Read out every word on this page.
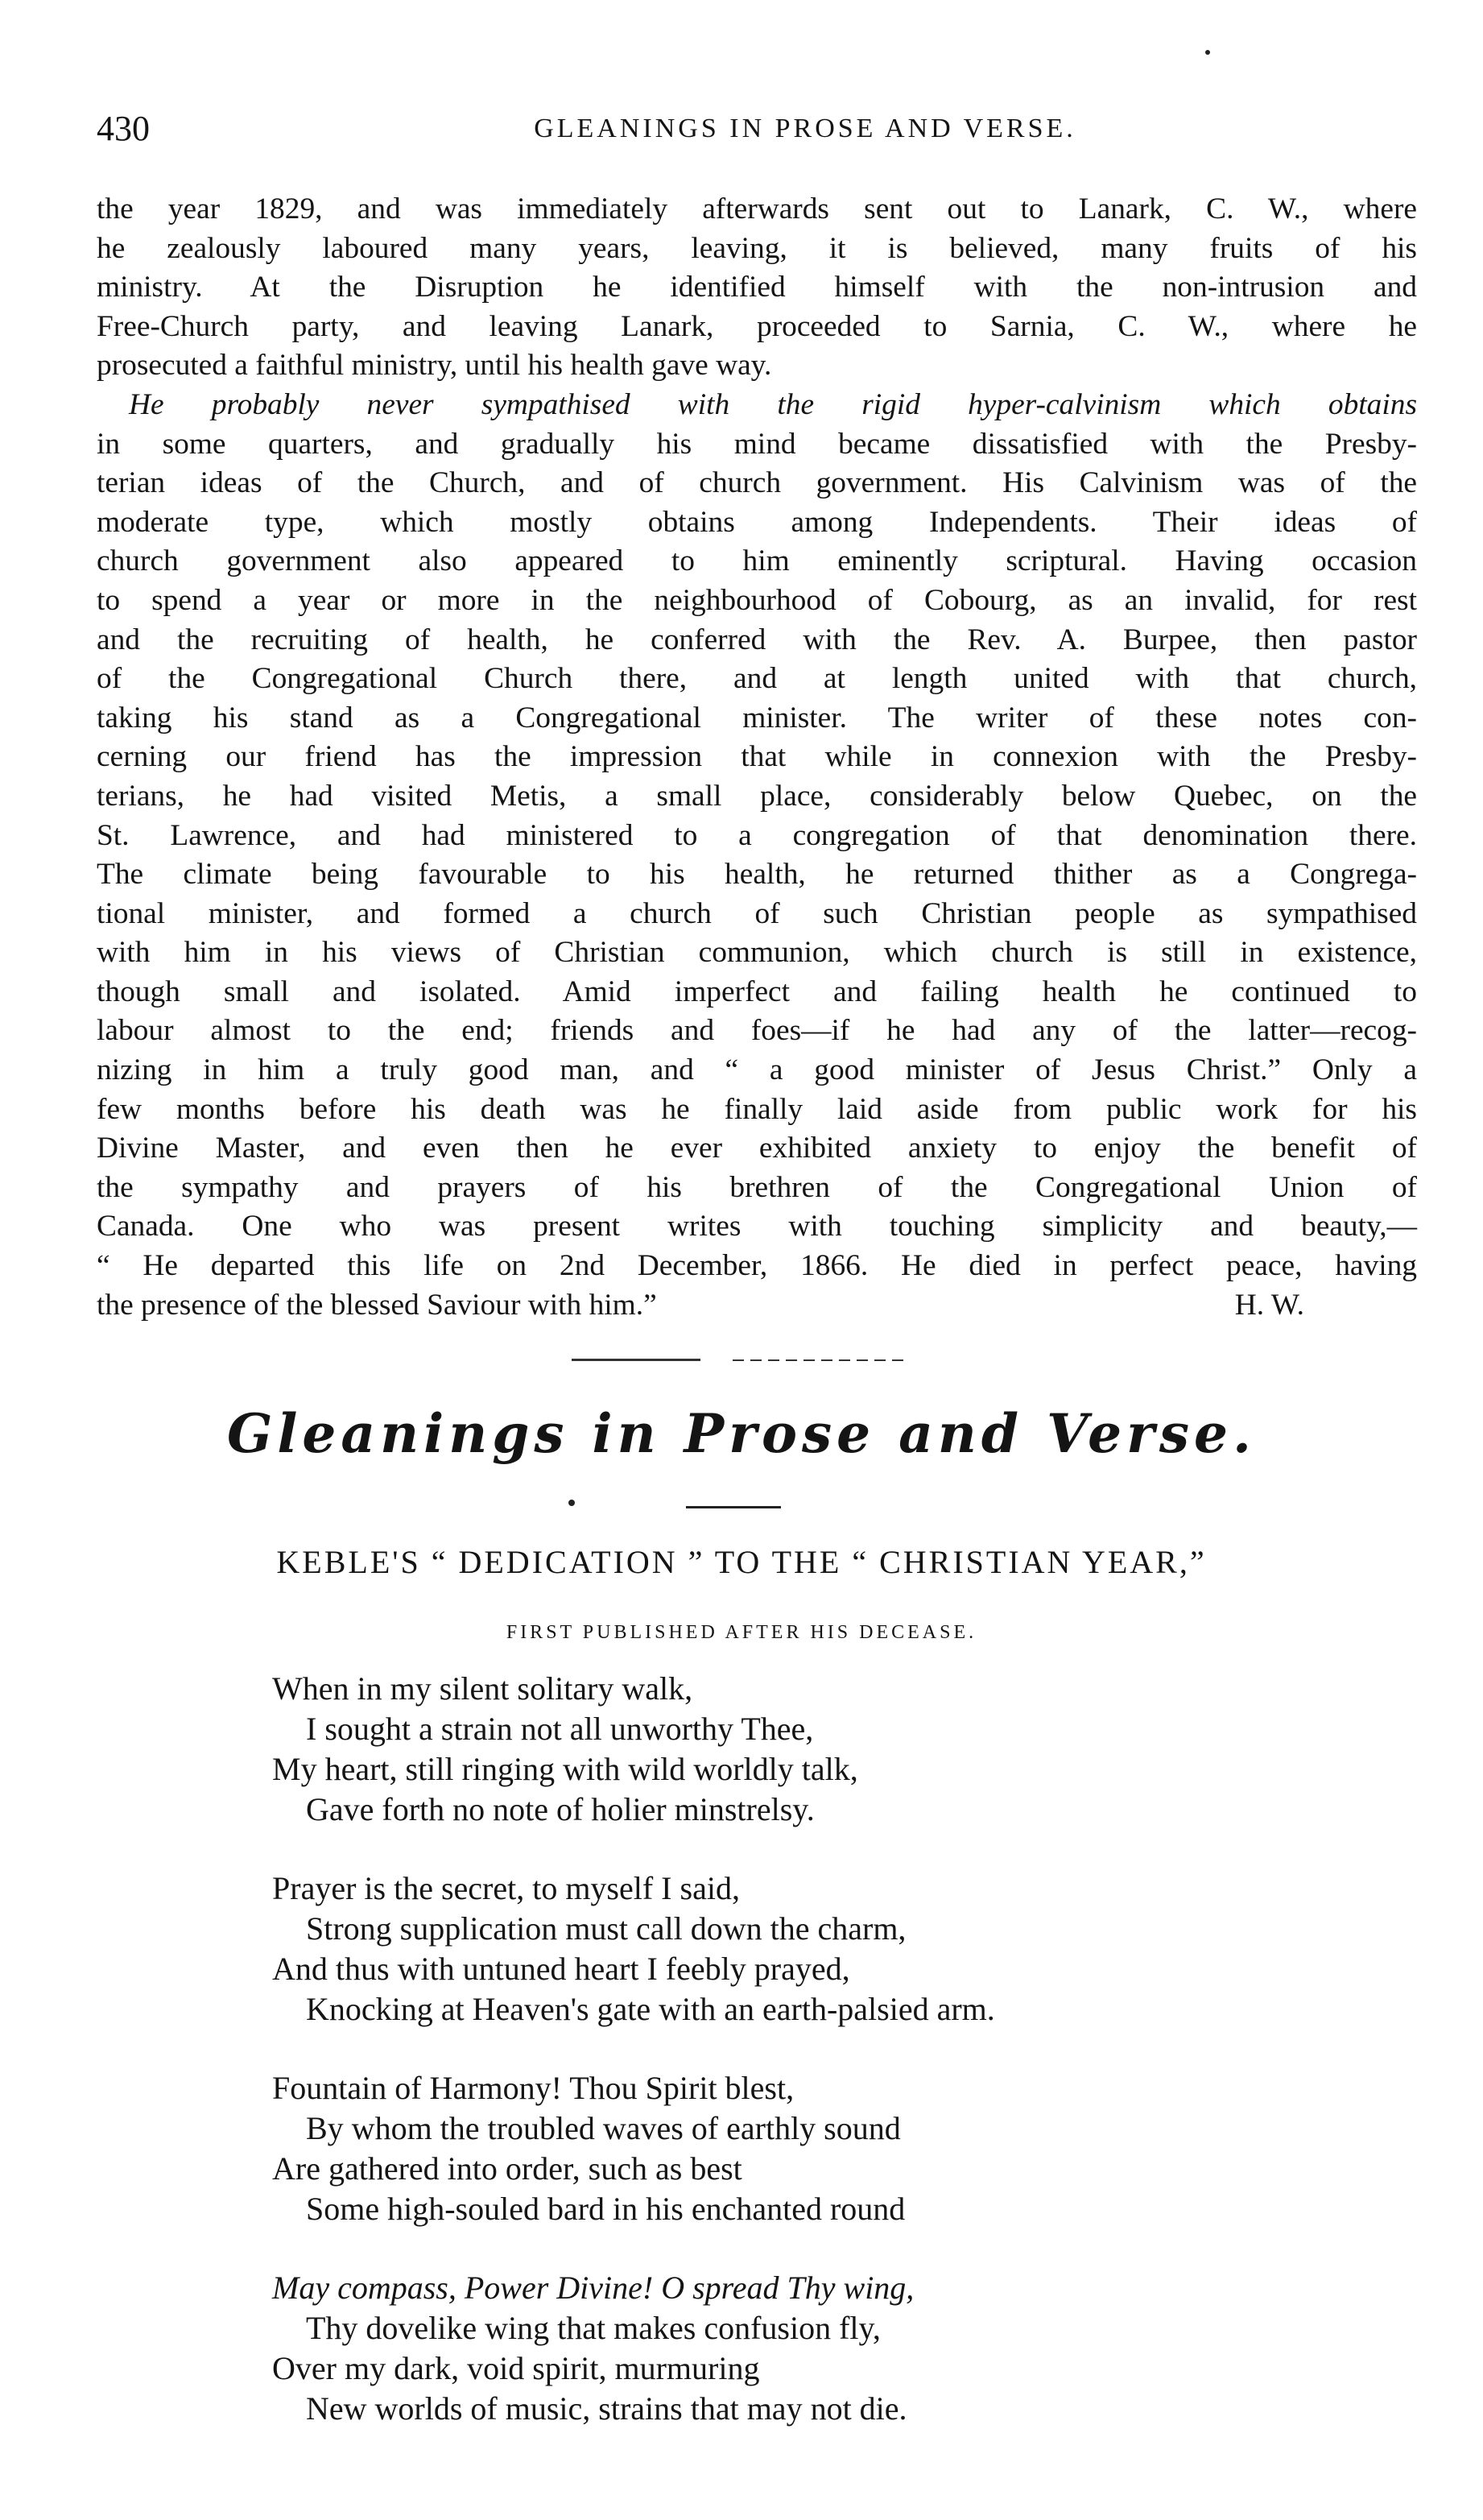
430	GLEANINGS IN PROSE AND VERSE.
the year 1829, and was immediately afterwards sent out to Lanark, C. W., where
he zealously laboured many years, leaving, it is believed, many fruits of his
ministry. At the Disruption he identified himself with the non-intrusion and
Free-Church party, and leaving Lanark, proceeded to Sarnia, C. W., where he
prosecuted a faithful ministry, until his health gave way.
He probably never sympathised with the rigid hyper-calvinism which obtains
in some quarters, and gradually his mind became dissatisfied with the Presby-
terian ideas of the Church, and of church government. His Calvinism was of the
moderate type, which mostly obtains among Independents. Their ideas of
church government also appeared to him eminently scriptural. Having occasion
to spend a year or more in the neighbourhood of Cobourg, as an invalid, for rest
and the recruiting of health, he conferred with the Rev. A. Burpee, then pastor
of the Congregational Church there, and at length united with that church,
taking his stand as a Congregational minister. The writer of these notes con-
cerning our friend has the impression that while in connexion with the Presby-
terians, he had visited Metis, a small place, considerably below Quebec, on the
St. Lawrence, and had ministered to a congregation of that denomination there.
The climate being favourable to his health, he returned thither as a Congrega-
tional minister, and formed a church of such Christian people as sympathised
with him in his views of Christian communion, which church is still in existence,
though small and isolated. Amid imperfect and failing health he continued to
labour almost to the end; friends and foes—if he had any of the latter—recog-
nizing in him a truly good man, and “ a good minister of Jesus Christ.” Only a
few months before his death was he finally laid aside from public work for his
Divine Master, and even then he ever exhibited anxiety to enjoy the benefit of
the sympathy and prayers of his brethren of the Congregational Union of
Canada. One who was present writes with touching simplicity and beauty,—
“ He departed this life on 2nd December, 1866. He died in perfect peace, having
the presence of the blessed Saviour with him.”	H. W.
Gleanings in Prose and Verse.
KEBLE'S “ DEDICATION ” TO THE “ CHRISTIAN YEAR,”
FIRST PUBLISHED AFTER HIS DECEASE.
When in my silent solitary walk,
I sought a strain not all unworthy Thee,
My heart, still ringing with wild worldly talk,
Gave forth no note of holier minstrelsy.
Prayer is the secret, to myself I said,
Strong supplication must call down the charm,
And thus with untuned heart I feebly prayed,
Knocking at Heaven's gate with an earth-palsied arm.
Fountain of Harmony! Thou Spirit blest,
By whom the troubled waves of earthly sound
Are gathered into order, such as best
Some high-souled bard in his enchanted round
May compass, Power Divine! O spread Thy wing,
Thy dovelike wing that makes confusion fly,
Over my dark, void spirit, murmuring
New worlds of music, strains that may not die.
